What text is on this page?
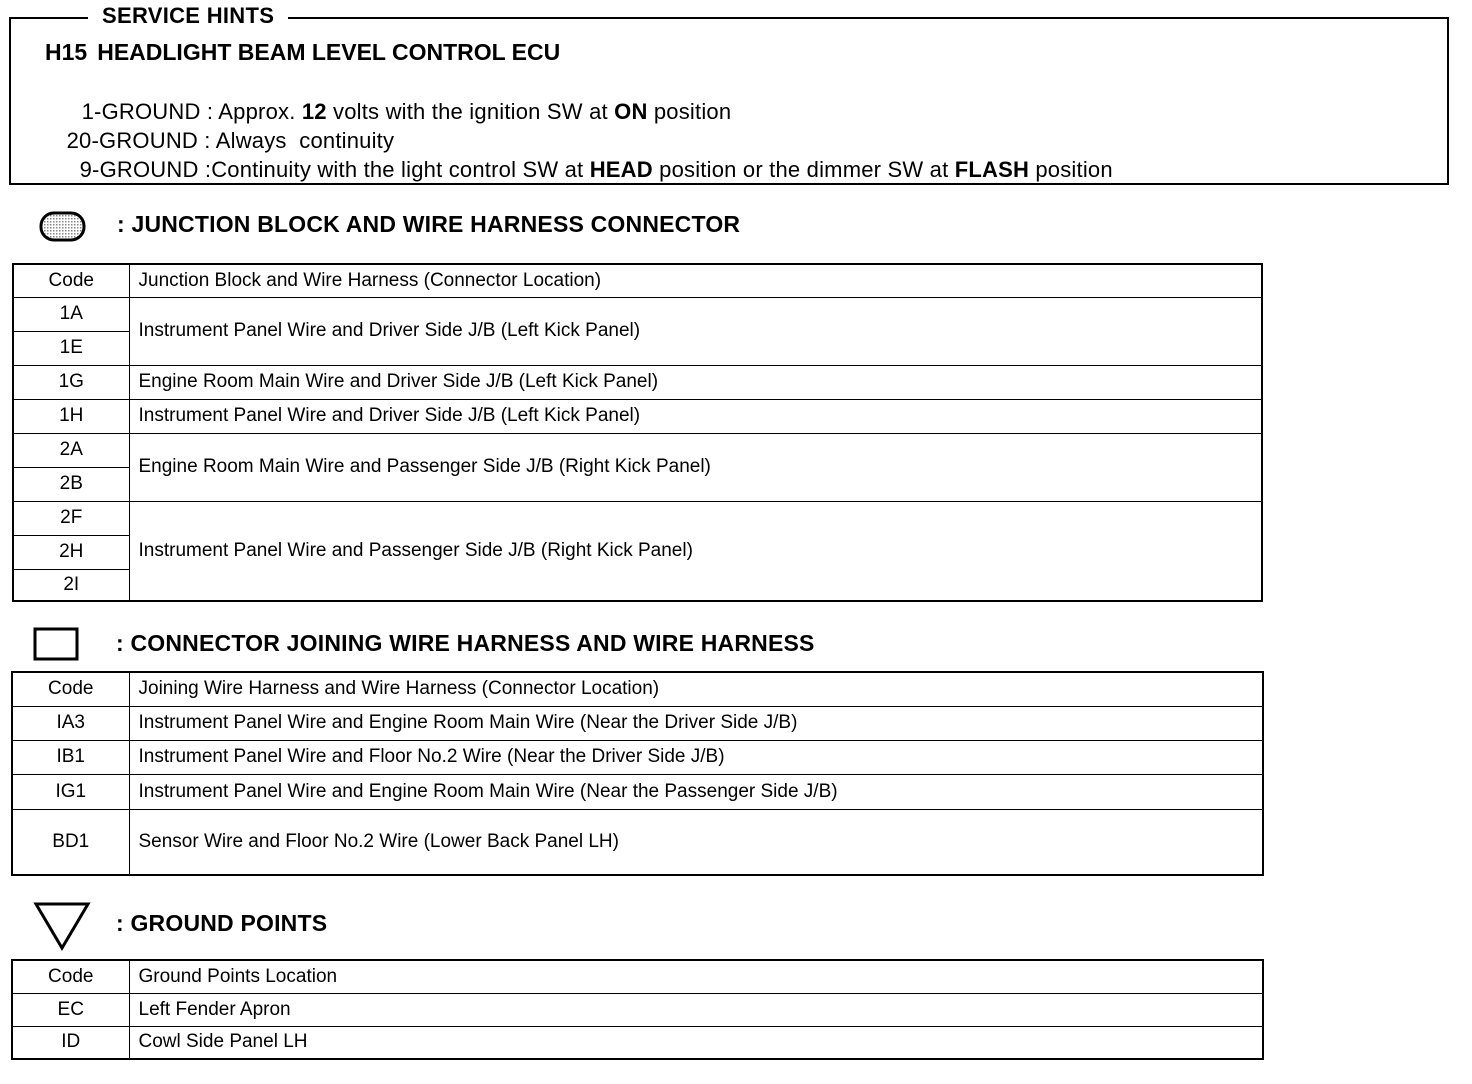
SERVICE HINTS
H15 HEADLIGHT BEAM LEVEL CONTROL ECU

1-GROUND : Approx. 12 volts with the ignition SW at ON position

20-GROUND : Always  continuity

9-GROUND :Continuity with the light control SW at HEAD position or the dimmer SW at FLASH position

: JUNCTION BLOCK AND WIRE HARNESS CONNECTOR
Code	Junction Block and Wire Harness (Connector Location)
1A	Instrument Panel Wire and Driver Side J/B (Left Kick Panel)
1E	
1G	Engine Room Main Wire and Driver Side J/B (Left Kick Panel)
1H	Instrument Panel Wire and Driver Side J/B (Left Kick Panel)
2A	Engine Room Main Wire and Passenger Side J/B (Right Kick Panel)
2B	
2F	Instrument Panel Wire and Passenger Side J/B (Right Kick Panel)
2H	
2I	
: CONNECTOR JOINING WIRE HARNESS AND WIRE HARNESS
Code	Joining Wire Harness and Wire Harness (Connector Location)
IA3	Instrument Panel Wire and Engine Room Main Wire (Near the Driver Side J/B)
IB1	Instrument Panel Wire and Floor No.2 Wire (Near the Driver Side J/B)
IG1	Instrument Panel Wire and Engine Room Main Wire (Near the Passenger Side J/B)
BD1	Sensor Wire and Floor No.2 Wire (Lower Back Panel LH)
: GROUND POINTS
Code	Ground Points Location
EC	Left Fender Apron
ID	Cowl Side Panel LH
